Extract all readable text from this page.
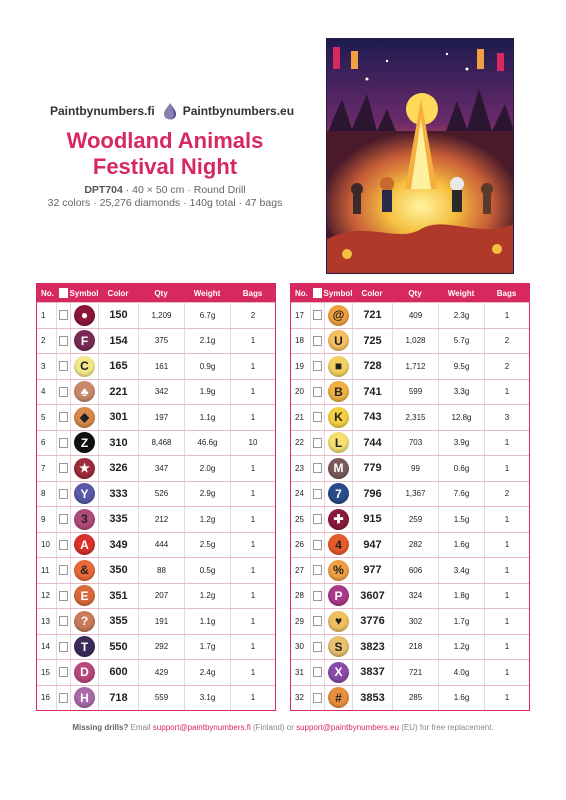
Paintbynumbers.fi Paintbynumbers.eu
Woodland Animals
Festival Night
DPT704 · 40 × 50 cm · Round Drill
32 colors · 25,276 diamonds · 140g total · 47 bags
No. Symbol	Color	Qty	Weight	Bags
1	●	150	1,209	6.7g	2
2	F	154	375	2.1g	1
3	C	165	161	0.9g	1
4	♣	221	342	1.9g	1
5	◆	301	197	1.1g	1
6	Z	310	8,468	46.6g	10
7	★	326	347	2.0g	1
8	Y	333	526	2.9g	1
9	3	335	212	1.2g	1
10	A	349	444	2.5g	1
11	&	350	88	0.5g	1
12	E	351	207	1.2g	1
13	?	355	191	1.1g	1
14	T	550	292	1.7g	1
15	D	600	429	2.4g	1
16	H	718	559	3.1g	1
No. Symbol	Color	Qty	Weight	Bags
17	@	721	409	2.3g	1
18	U	725	1,028	5.7g	2
19	■	728	1,712	9.5g	2
20	B	741	599	3.3g	1
21	K	743	2,315	12.8g	3
22	L	744	703	3.9g	1
23	M	779	99	0.6g	1
24	7	796	1,367	7.6g	2
25	✚	915	259	1.5g	1
26	4	947	282	1.6g	1
27	%	977	606	3.4g	1
28	P	3607	324	1.8g	1
29	♥	3776	302	1.7g	1
30	S	3823	218	1.2g	1
31	X	3837	721	4.0g	1
32	#	3853	285	1.6g	1
Missing drills? Email support@paintbynumbers.fi (Finland) or support@paintbynumbers.eu (EU) for free replacement.
